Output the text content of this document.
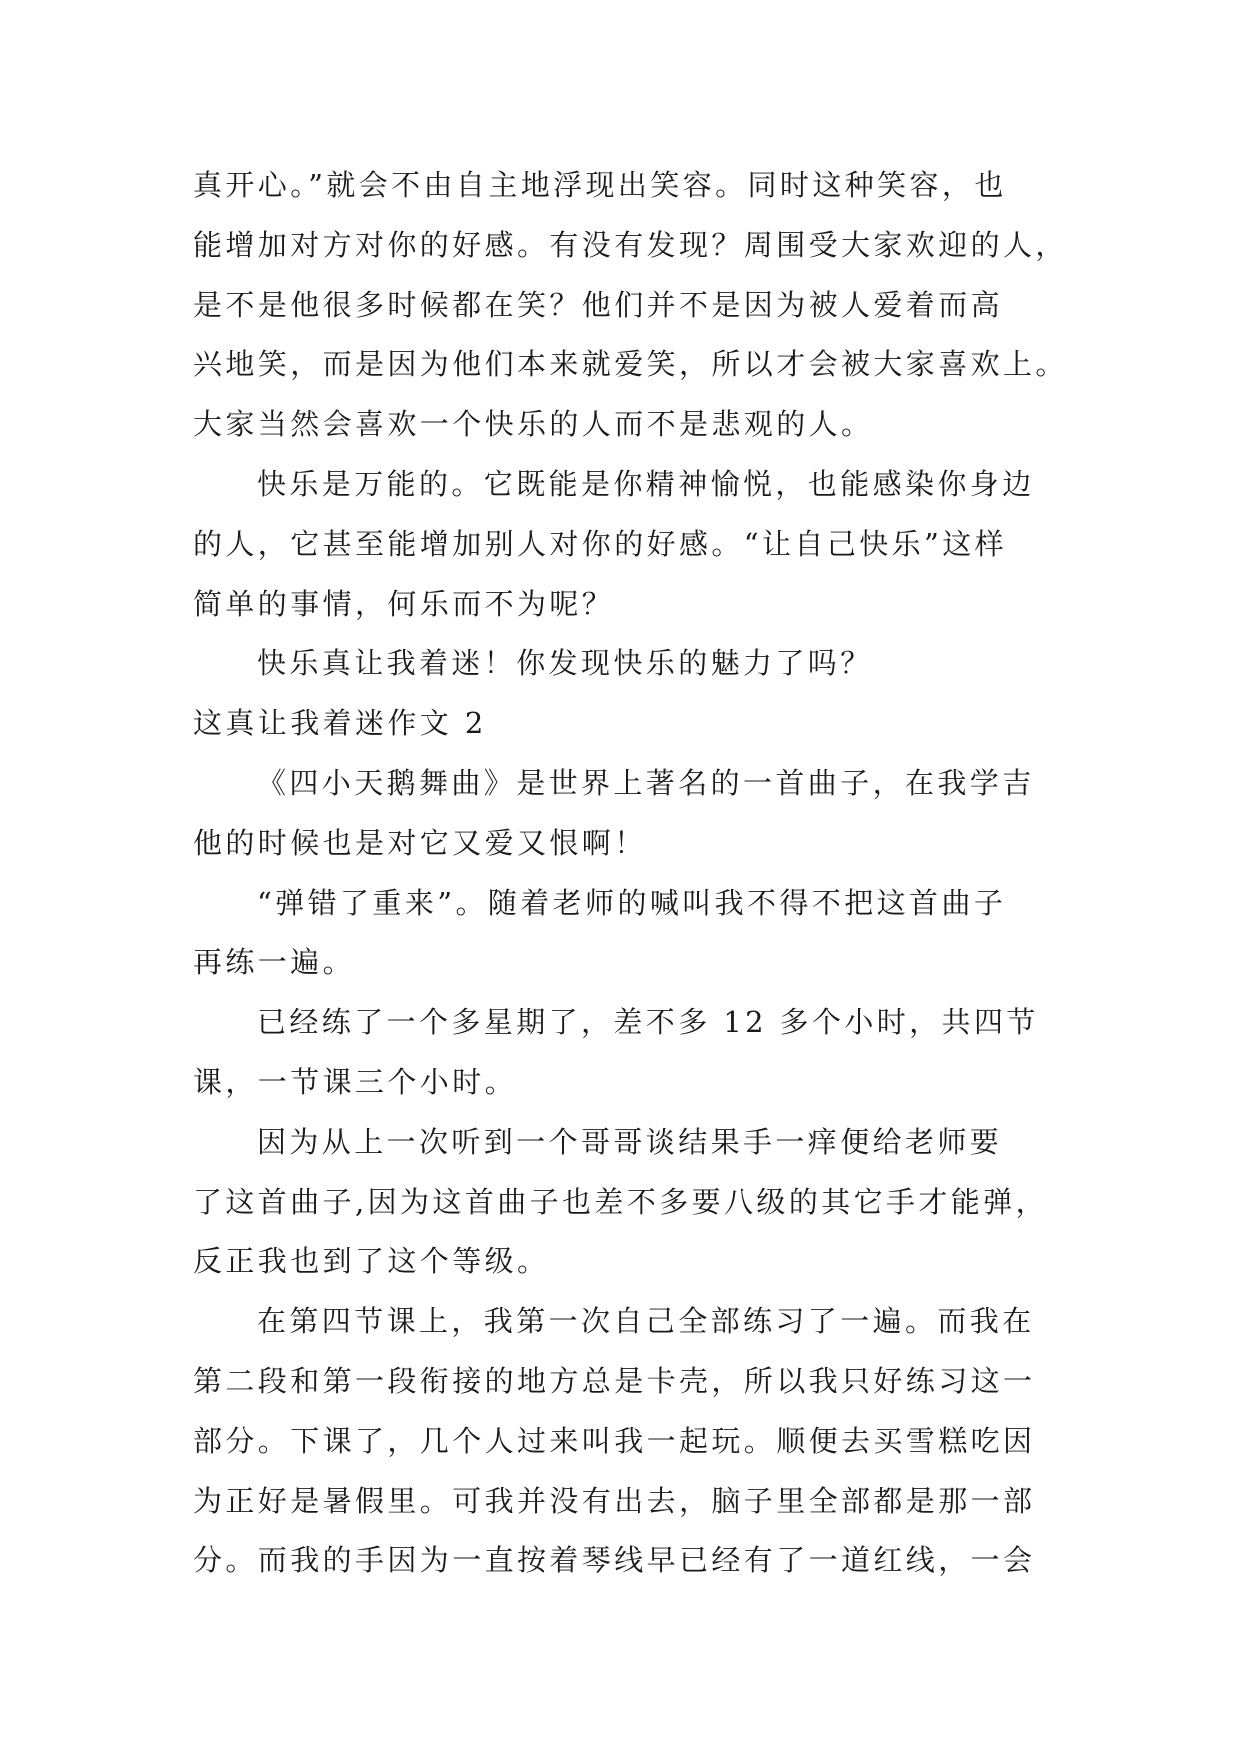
真开心。”就会不由自主地浮现出笑容。同时这种笑容，也
能增加对方对你的好感。有没有发现？周围受大家欢迎的人，
是不是他很多时候都在笑？他们并不是因为被人爱着而高
兴地笑，而是因为他们本来就爱笑，所以才会被大家喜欢上。
大家当然会喜欢一个快乐的人而不是悲观的人。
快乐是万能的。它既能是你精神愉悦，也能感染你身边
的人，它甚至能增加别人对你的好感。“让自己快乐”这样
简单的事情，何乐而不为呢？
快乐真让我着迷！你发现快乐的魅力了吗？
这真让我着迷作文 2
《四小天鹅舞曲》是世界上著名的一首曲子，在我学吉
他的时候也是对它又爱又恨啊！
“弹错了重来”。随着老师的喊叫我不得不把这首曲子
再练一遍。
已经练了一个多星期了，差不多 12 多个小时，共四节
课，一节课三个小时。
因为从上一次听到一个哥哥谈结果手一痒便给老师要
了这首曲子,因为这首曲子也差不多要八级的其它手才能弹，
反正我也到了这个等级。
在第四节课上，我第一次自己全部练习了一遍。而我在
第二段和第一段衔接的地方总是卡壳，所以我只好练习这一
部分。下课了，几个人过来叫我一起玩。顺便去买雪糕吃因
为正好是暑假里。可我并没有出去，脑子里全部都是那一部
分。而我的手因为一直按着琴线早已经有了一道红线，一会
